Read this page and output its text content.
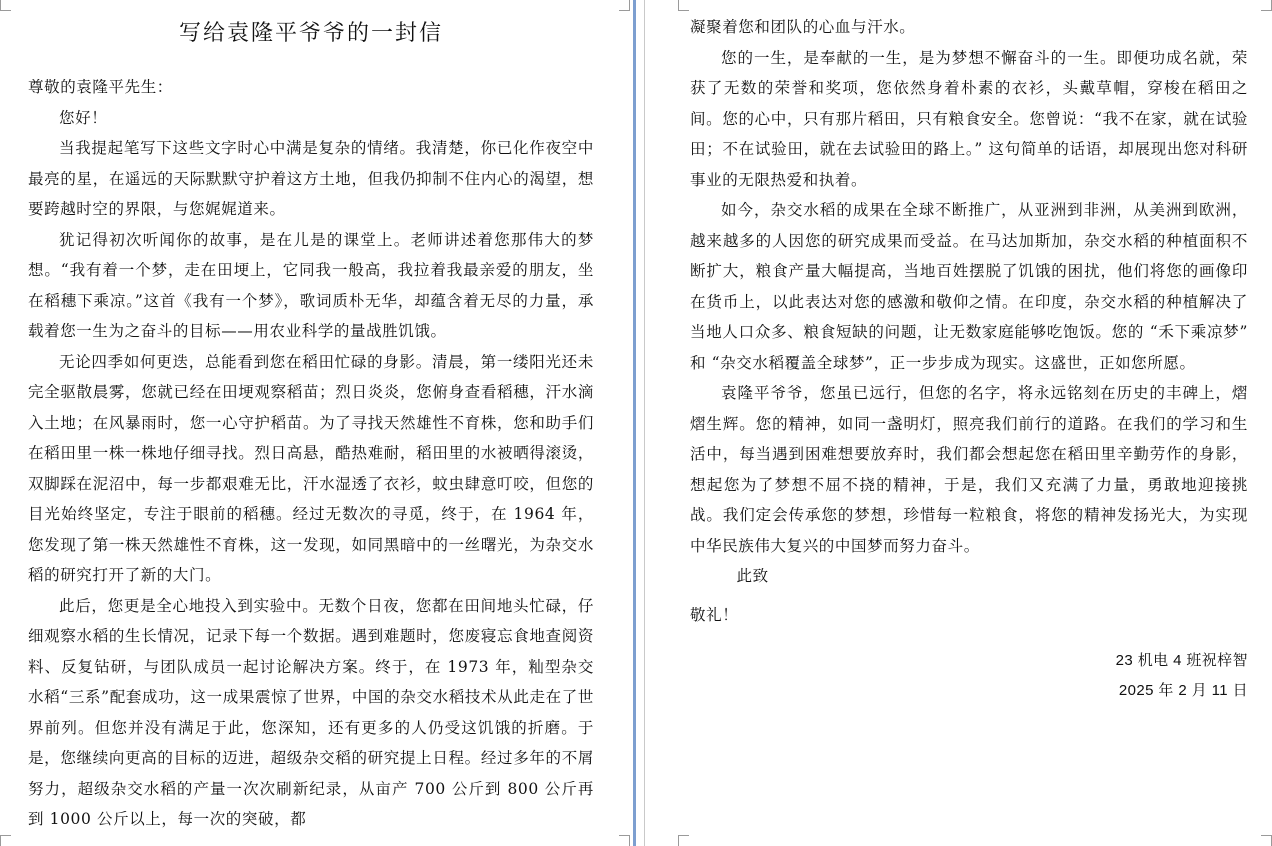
写给袁隆平爷爷的一封信

尊敬的袁隆平先生：

您好！

当我提起笔写下这些文字时心中满是复杂的情绪。我清楚，你已化作夜空中最亮的星，在遥远的天际默默守护着这方土地，但我仍抑制不住内心的渴望，想要跨越时空的界限，与您娓娓道来。

犹记得初次听闻你的故事，是在儿是的课堂上。老师讲述着您那伟大的梦想。“我有着一个梦，走在田埂上，它同我一般高，我拉着我最亲爱的朋友，坐在稻穗下乘凉。”这首《我有一个梦》，歌词质朴无华，却蕴含着无尽的力量，承载着您一生为之奋斗的目标——用农业科学的量战胜饥饿。

无论四季如何更迭，总能看到您在稻田忙碌的身影。清晨，第一缕阳光还未完全驱散晨雾，您就已经在田埂观察稻苗；烈日炎炎，您俯身查看稻穗，汗水滴入土地；在风暴雨时，您一心守护稻苗。为了寻找天然雄性不育株，您和助手们在稻田里一株一株地仔细寻找。烈日高悬，酷热难耐，稻田里的水被晒得滚烫，双脚踩在泥沼中，每一步都艰难无比，汗水湿透了衣衫，蚊虫肆意叮咬，但您的目光始终坚定，专注于眼前的稻穗。经过无数次的寻觅，终于，在 1964 年，您发现了第一株天然雄性不育株，这一发现，如同黑暗中的一丝曙光，为杂交水稻的研究打开了新的大门。

此后，您更是全心地投入到实验中。无数个日夜，您都在田间地头忙碌，仔细观察水稻的生长情况，记录下每一个数据。遇到难题时，您废寝忘食地查阅资料、反复钻研，与团队成员一起讨论解决方案。终于，在 1973 年，籼型杂交水稻“三系”配套成功，这一成果震惊了世界，中国的杂交水稻技术从此走在了世界前列。但您并没有满足于此，您深知，还有更多的人仍受这饥饿的折磨。于是，您继续向更高的目标的迈进，超级杂交稻的研究提上日程。经过多年的不屑努力，超级杂交水稻的产量一次次刷新纪录，从亩产 700 公斤到 800 公斤再到 1000 公斤以上，每一次的突破，都

凝聚着您和团队的心血与汗水。

您的一生，是奉献的一生，是为梦想不懈奋斗的一生。即便功成名就，荣获了无数的荣誉和奖项，您依然身着朴素的衣衫，头戴草帽，穿梭在稻田之间。您的心中，只有那片稻田，只有粮食安全。您曾说：“我不在家，就在试验田；不在试验田，就在去试验田的路上。” 这句简单的话语，却展现出您对科研事业的无限热爱和执着。

如今，杂交水稻的成果在全球不断推广，从亚洲到非洲，从美洲到欧洲，越来越多的人因您的研究成果而受益。在马达加斯加，杂交水稻的种植面积不断扩大，粮食产量大幅提高，当地百姓摆脱了饥饿的困扰，他们将您的画像印在货币上，以此表达对您的感激和敬仰之情。在印度，杂交水稻的种植解决了当地人口众多、粮食短缺的问题，让无数家庭能够吃饱饭。您的 “禾下乘凉梦” 和 “杂交水稻覆盖全球梦”，正一步步成为现实。这盛世，正如您所愿。

袁隆平爷爷，您虽已远行，但您的名字，将永远铭刻在历史的丰碑上，熠熠生辉。您的精神，如同一盏明灯，照亮我们前行的道路。在我们的学习和生活中，每当遇到困难想要放弃时，我们都会想起您在稻田里辛勤劳作的身影，想起您为了梦想不屈不挠的精神，于是，我们又充满了力量，勇敢地迎接挑战。我们定会传承您的梦想，珍惜每一粒粮食，将您的精神发扬光大，为实现中华民族伟大复兴的中国梦而努力奋斗。

此致

敬礼！

23 机电 4 班祝梓智

2025 年 2 月 11 日
